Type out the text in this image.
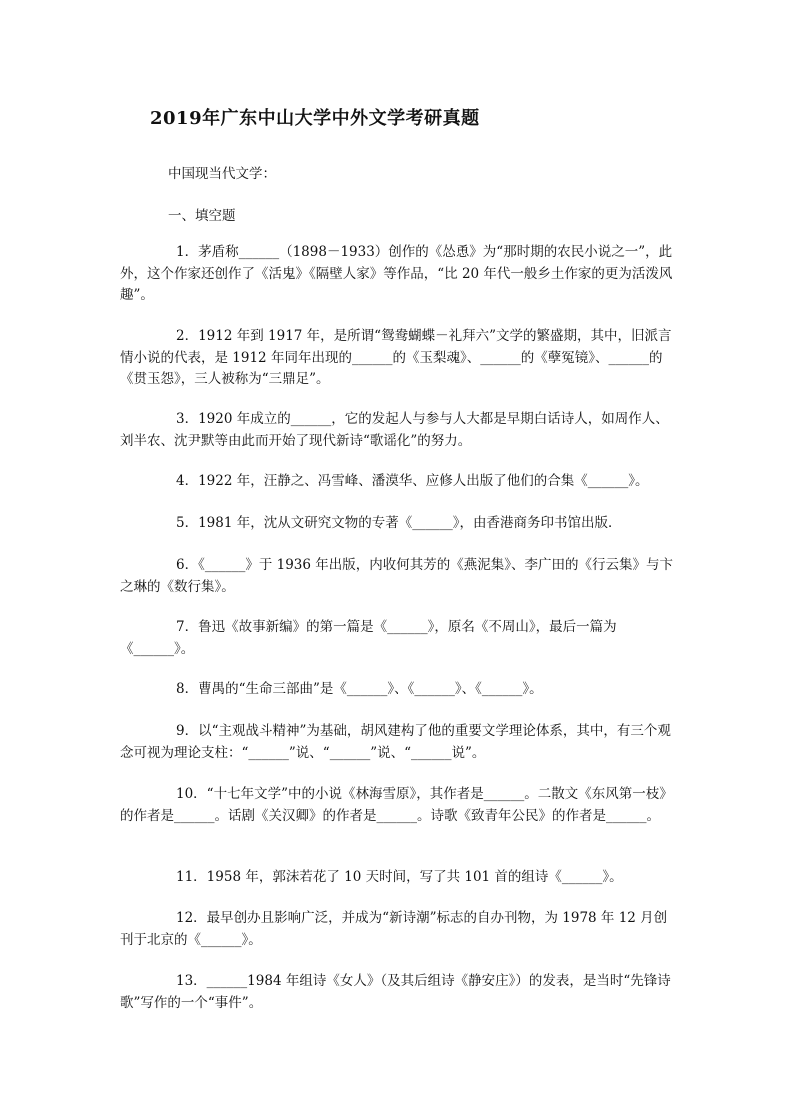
2019年广东中山大学中外文学考研真题
中国现当代文学：
一、填空题

1．茅盾称______（1898－1933）创作的《怂恿》为“那时期的农民小说之一”，此外，这个作家还创作了《活鬼》《隔壁人家》等作品，“比 20 年代一般乡土作家的更为活泼风趣”。

2．1912 年到 1917 年，是所谓“鸳鸯蝴蝶－礼拜六”文学的繁盛期，其中，旧派言情小说的代表，是 1912 年同年出现的______的《玉梨魂》、______的《孽冤镜》、______的《贯玉怨》，三人被称为“三鼎足”。

3．1920 年成立的______，它的发起人与参与人大都是早期白话诗人，如周作人、刘半农、沈尹默等由此而开始了现代新诗“歌谣化”的努力。

4．1922 年，汪静之、冯雪峰、潘漠华、应修人出版了他们的合集《______》。

5．1981 年，沈从文研究文物的专著《______》，由香港商务印书馆出版．

6．《______》于 1936 年出版，内收何其芳的《燕泥集》、李广田的《行云集》与卞之琳的《数行集》。

7．鲁迅《故事新编》的第一篇是《______》，原名《不周山》，最后一篇为《______》。

8．曹禺的“生命三部曲”是《______》、《______》、《______》。

9．以“主观战斗精神”为基础，胡风建构了他的重要文学理论体系，其中，有三个观念可视为理论支柱：“______”说、“______”说、“______说”。

10．“十七年文学”中的小说《林海雪原》，其作者是______。二散文《东风第一枝》的作者是______。话剧《关汉卿》的作者是______。诗歌《致青年公民》的作者是______。

11．1958 年，郭沫若花了 10 天时间，写了共 101 首的组诗《______》。

12．最早创办且影响广泛，并成为“新诗潮”标志的自办刊物，为 1978 年 12 月创刊于北京的《______》。

13．______1984 年组诗《女人》（及其后组诗《静安庄》）的发表，是当时“先锋诗歌”写作的一个“事件”。
